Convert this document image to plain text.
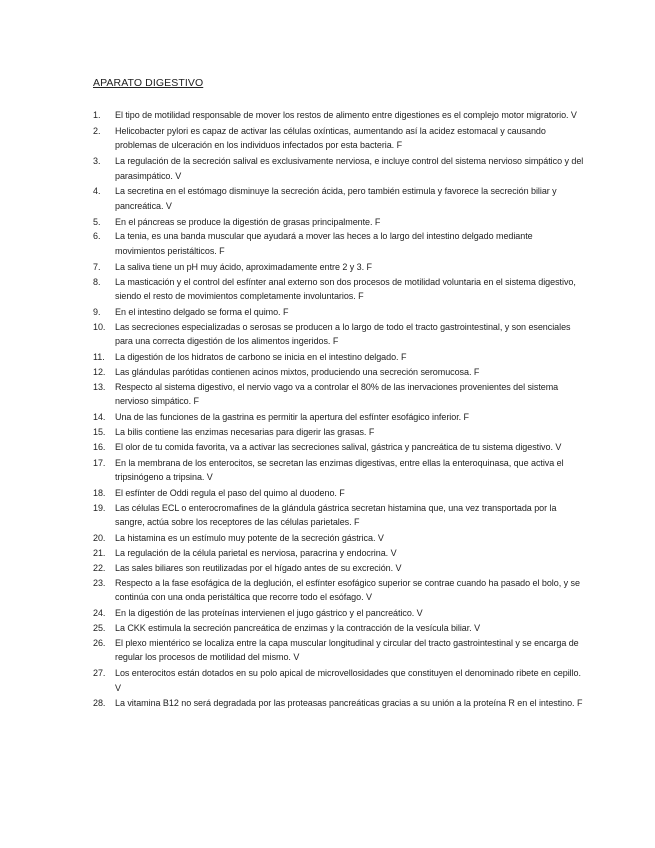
APARATO DIGESTIVO
1.	El tipo de motilidad responsable de mover los restos de alimento entre digestiones es el complejo motor migratorio. V
2.	Helicobacter pylori es capaz de activar las células oxínticas, aumentando así la acidez estomacal y causando problemas de ulceración en los individuos infectados por esta bacteria. F
3.	La regulación de la secreción salival es exclusivamente nerviosa, e incluye control del sistema nervioso simpático y del parasimpático. V
4.	La secretina en el estómago disminuye la secreción ácida, pero también estimula y favorece la secreción biliar y pancreática. V
5.	En el páncreas se produce la digestión de grasas principalmente. F
6.	La tenia, es una banda muscular que ayudará a mover las heces a lo largo del intestino delgado mediante movimientos peristálticos. F
7.	La saliva tiene un pH muy ácido, aproximadamente entre 2 y 3. F
8.	La masticación y el control del esfínter anal externo son dos procesos de motilidad voluntaria en el sistema digestivo, siendo el resto de movimientos completamente involuntarios. F
9.	En el intestino delgado se forma el quimo. F
10.	Las secreciones especializadas o serosas se producen a lo largo de todo el tracto gastrointestinal, y son esenciales para una correcta digestión de los alimentos ingeridos. F
11.	La digestión de los hidratos de carbono se inicia en el intestino delgado. F
12.	Las glándulas parótidas contienen acinos mixtos, produciendo una secreción seromucosa. F
13.	Respecto al sistema digestivo, el nervio vago va a controlar el 80% de las inervaciones provenientes del sistema nervioso simpático. F
14.	Una de las funciones de la gastrina es permitir la apertura del esfínter esofágico inferior. F
15.	La bilis contiene las enzimas necesarias para digerir las grasas. F
16.	El olor de tu comida favorita, va a activar las secreciones salival, gástrica y pancreática de tu sistema digestivo. V
17.	En la membrana de los enterocitos, se secretan las enzimas digestivas, entre ellas la enteroquinasa, que activa el tripsinógeno a tripsina. V
18.	El esfínter de Oddi regula el paso del quimo al duodeno. F
19.	Las células ECL o enterocromafines de la glándula gástrica secretan histamina que, una vez transportada por la sangre, actúa sobre los receptores de las células parietales. F
20.	La histamina es un estímulo muy potente de la secreción gástrica. V
21.	La regulación de la célula parietal es nerviosa, paracrina y endocrina. V
22.	Las sales biliares son reutilizadas por el hígado antes de su excreción. V
23.	Respecto a la fase esofágica de la deglución, el esfínter esofágico superior se contrae cuando ha pasado el bolo, y se continúa con una onda peristáltica que recorre todo el esófago. V
24.	En la digestión de las proteínas intervienen el jugo gástrico y el pancreático. V
25.	La CKK estimula la secreción pancreática de enzimas y la contracción de la vesícula biliar. V
26.	El plexo mientérico se localiza entre la capa muscular longitudinal y circular del tracto gastrointestinal y se encarga de regular los procesos de motilidad del mismo. V
27.	Los enterocitos están dotados en su polo apical de microvellosidades que constituyen el denominado ribete en cepillo. V
28.	La vitamina B12 no será degradada por las proteasas pancreáticas gracias a su unión a la proteína R en el intestino. F
